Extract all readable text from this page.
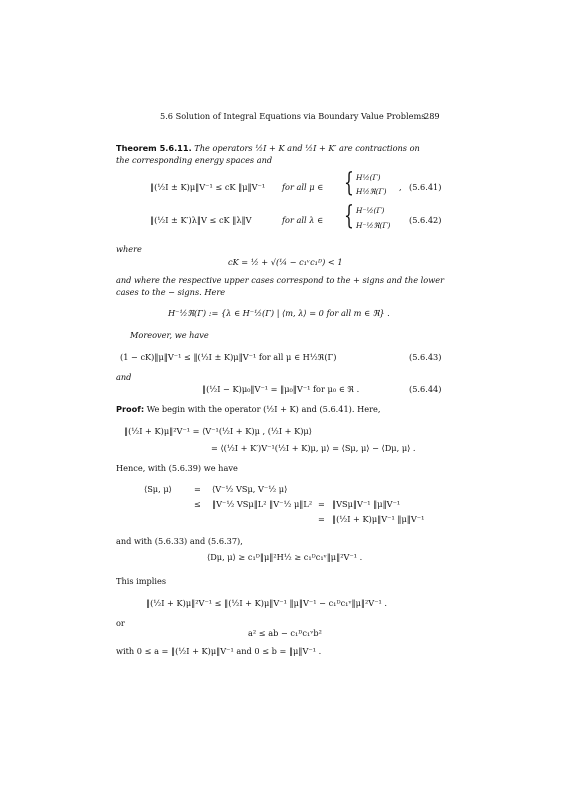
5.6 Solution of Integral Equations via Boundary Value Problems
289
Theorem 5.6.11. The operators ½I + K and ½I + K′ are contractions on
the corresponding energy spaces and
‖(½I ± K)μ‖V⁻¹ ≤ cK ‖μ‖V⁻¹ for all μ ∈ { H½(Γ)
H½ℜ(Γ) , (5.6.41)
‖(½I ± K′)λ‖V ≤ cK ‖λ‖V	for all λ ∈ { H⁻½(Γ)
H⁻½ℜ(Γ)
(5.6.42)
where
cK = ½ + √(¼ − c₁ᵛc₁ᴰ) < 1
and where the respective upper cases correspond to the + signs and the lower
cases to the − signs. Here
H⁻½ℜ(Γ) := {λ ∈ H⁻½(Γ) | ⟨m, λ⟩ = 0 for all m ∈ ℜ} .
Moreover, we have
(1 − cK)‖μ‖V⁻¹ ≤ ‖(½I ± K)μ‖V⁻¹ for all μ ∈ H½ℜ(Γ)	(5.6.43)
and
‖(½I − K)μ₀‖V⁻¹ = ‖μ₀‖V⁻¹ for μ₀ ∈ ℜ .	(5.6.44)
Proof: We begin with the operator (½I + K) and (5.6.41). Here,
‖(½I + K)μ‖²V⁻¹ = ⟨V⁻¹(½I + K)μ , (½I + K)μ⟩
= ⟨(½I + K′)V⁻¹(½I + K)μ, μ⟩ = ⟨Sμ, μ⟩ − ⟨Dμ, μ⟩ .
Hence, with (5.6.39) we have
⟨Sμ, μ⟩	= ⟨V⁻½ VSμ, V⁻½ μ⟩
≤ ‖V⁻½ VSμ‖L² ‖V⁻½ μ‖L² = ‖VSμ‖V⁻¹ ‖μ‖V⁻¹
= ‖(½I + K)μ‖V⁻¹ ‖μ‖V⁻¹
and with (5.6.33) and (5.6.37),
⟨Dμ, μ⟩ ≥ c₁ᴰ‖μ‖²H½ ≥ c₁ᴰc₁ᵛ‖μ‖²V⁻¹ .
This implies
‖(½I + K)μ‖²V⁻¹ ≤ ‖(½I + K)μ‖V⁻¹ ‖μ‖V⁻¹ − c₁ᴰc₁ᵛ‖μ‖²V⁻¹ .
or
a² ≤ ab − c₁ᴰc₁ᵛb²
with 0 ≤ a = ‖(½I + K)μ‖V⁻¹ and 0 ≤ b = ‖μ‖V⁻¹ .
